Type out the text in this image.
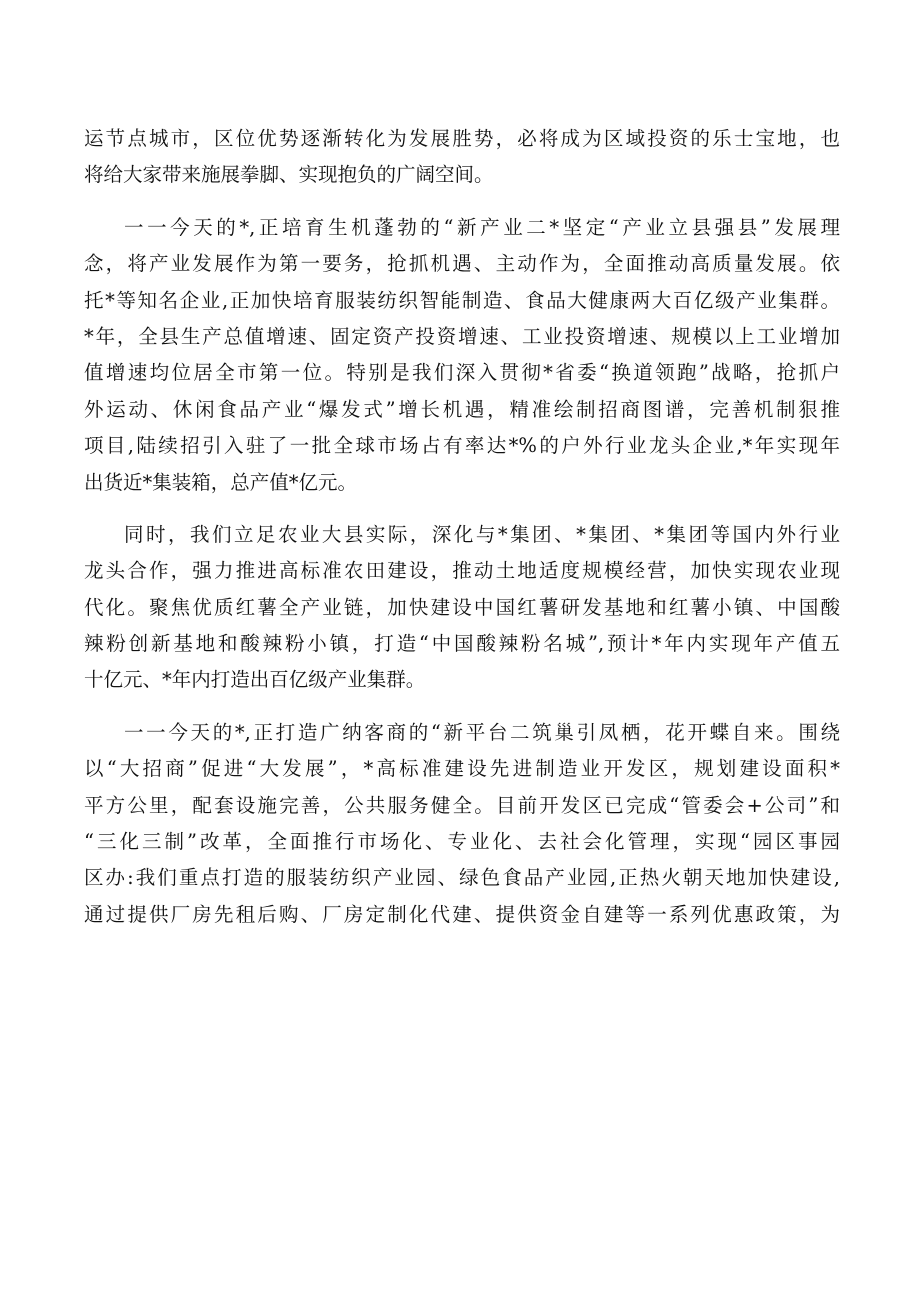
运节点城市，区位优势逐渐转化为发展胜势，必将成为区域投资的乐士宝地，也
将给大家带来施展拳脚、实现抱负的广阔空间。
一一今天的*,正培育生机蓬勃的“新产业二*坚定“产业立县强县”发展理
念，将产业发展作为第一要务，抢抓机遇、主动作为，全面推动高质量发展。依
托*等知名企业,正加快培育服装纺织智能制造、食品大健康两大百亿级产业集群。
*年，全县生产总值增速、固定资产投资增速、工业投资增速、规模以上工业增加
值增速均位居全市第一位。特别是我们深入贯彻*省委“换道领跑”战略，抢抓户
外运动、休闲食品产业“爆发式”增长机遇，精准绘制招商图谱，完善机制狠推
项目,陆续招引入驻了一批全球市场占有率达*%的户外行业龙头企业,*年实现年
出货近*集装箱，总产值*亿元。
同时，我们立足农业大县实际，深化与*集团、*集团、*集团等国内外行业
龙头合作，强力推进高标准农田建设，推动土地适度规模经营，加快实现农业现
代化。聚焦优质红薯全产业链，加快建设中国红薯研发基地和红薯小镇、中国酸
辣粉创新基地和酸辣粉小镇，打造“中国酸辣粉名城”,预计*年内实现年产值五
十亿元、*年内打造出百亿级产业集群。
一一今天的*,正打造广纳客商的“新平台二筑巢引凤栖，花开蝶自来。围绕
以“大招商”促进“大发展”，*高标准建设先进制造业开发区，规划建设面积*
平方公里，配套设施完善，公共服务健全。目前开发区已完成“管委会+公司”和
“三化三制”改革，全面推行市场化、专业化、去社会化管理，实现“园区事园
区办:我们重点打造的服装纺织产业园、绿色食品产业园,正热火朝天地加快建设,
通过提供厂房先租后购、厂房定制化代建、提供资金自建等一系列优惠政策，为
